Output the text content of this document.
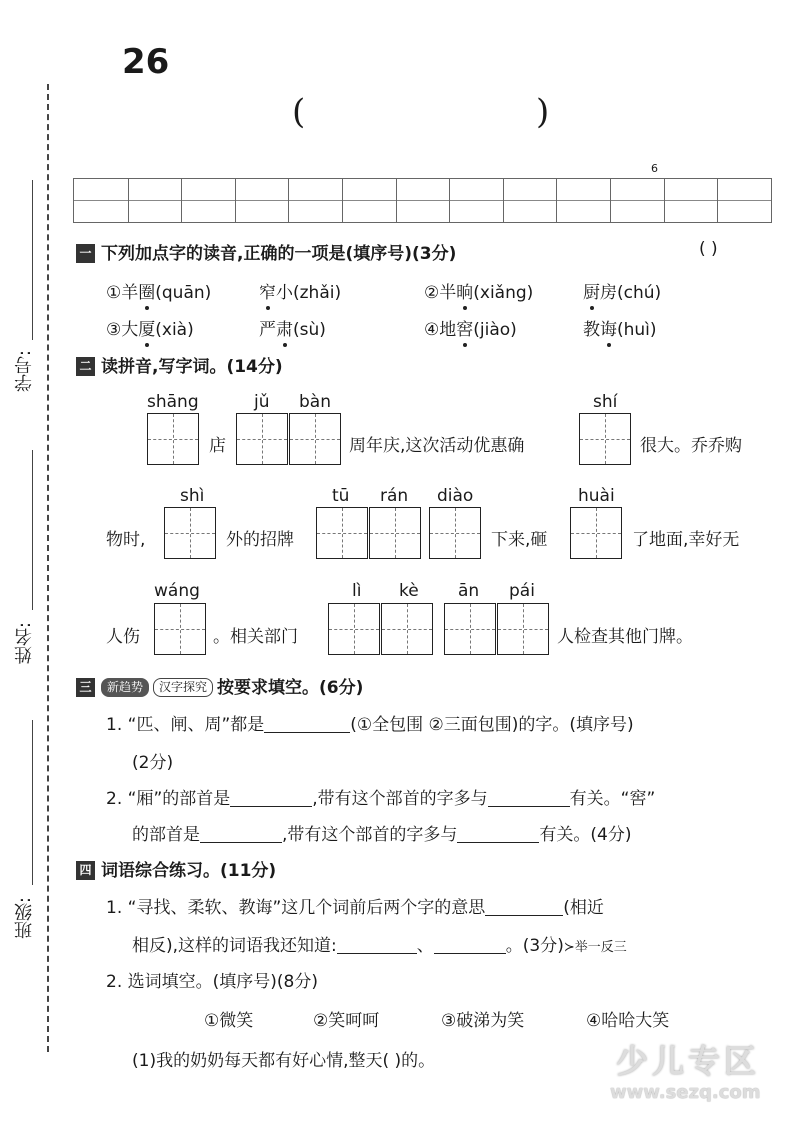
学号:
姓名:
班级:
26
(	)
6
一 下列加点字的读音,正确的一项是(填序号)(3分)	( )
①羊圈(quān)	窄小(zhǎi)	②半晌(xiǎng)	厨房(chú)
③大厦(xià)	严肃(sù)	④地窖(jiào)	教诲(huì)
二 读拼音,写字词。(14分)
shāng	jǔ bàn	shí
店	周年庆,这次活动优惠确	很大。乔乔购
shì	tū rán diào	huài
物时,	外的招牌	下来,砸	了地面,幸好无
wáng	lì kè ān pái
人伤	。相关部门	人检查其他门牌。
三 新趋势 汉字探究 按要求填空。(6分)
1. “匹、闸、周”都是	(①全包围 ②三面包围)的字。(填序号)
(2分)
2. “厢”的部首是	,带有这个部首的字多与	有关。“窖”
的部首是	,带有这个部首的字多与	有关。(4分)
四 词语综合练习。(11分)
1. “寻找、柔软、教诲”这几个词前后两个字的意思	(相近
相反),这样的词语我还知道:	、	。(3分)≻举一反三
2. 选词填空。(填序号)(8分)
①微笑	②笑呵呵	③破涕为笑	④哈哈大笑
(1)我的奶奶每天都有好心情,整天( )的。	少儿专区
www.sezq.com
